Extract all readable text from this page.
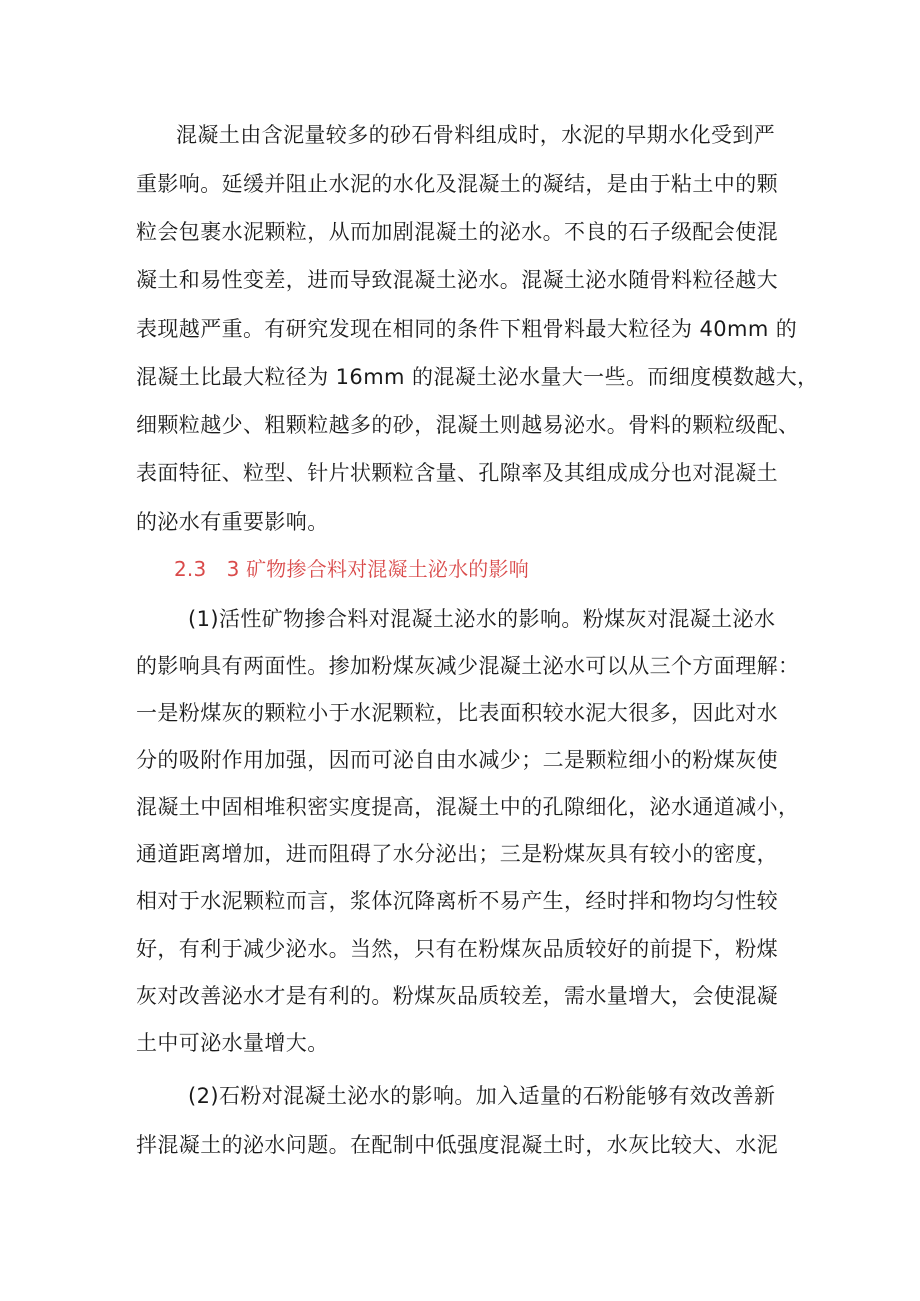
混凝土由含泥量较多的砂石骨料组成时，水泥的早期水化受到严

重影响。延缓并阻止水泥的水化及混凝土的凝结，是由于粘土中的颗

粒会包裹水泥颗粒，从而加剧混凝土的泌水。不良的石子级配会使混

凝土和易性变差，进而导致混凝土泌水。混凝土泌水随骨料粒径越大

表现越严重。有研究发现在相同的条件下粗骨料最大粒径为 40mm 的

混凝土比最大粒径为 16mm 的混凝土泌水量大一些。而细度模数越大，

细颗粒越少、粗颗粒越多的砂，混凝土则越易泌水。骨料的颗粒级配、

表面特征、粒型、针片状颗粒含量、孔隙率及其组成成分也对混凝土

的泌水有重要影响。

2.3　3 矿物掺合料对混凝土泌水的影响

(1)活性矿物掺合料对混凝土泌水的影响。粉煤灰对混凝土泌水

的影响具有两面性。掺加粉煤灰减少混凝土泌水可以从三个方面理解：

一是粉煤灰的颗粒小于水泥颗粒，比表面积较水泥大很多，因此对水

分的吸附作用加强，因而可泌自由水减少；二是颗粒细小的粉煤灰使

混凝土中固相堆积密实度提高，混凝土中的孔隙细化，泌水通道减小，

通道距离增加，进而阻碍了水分泌出；三是粉煤灰具有较小的密度，

相对于水泥颗粒而言，浆体沉降离析不易产生，经时拌和物均匀性较

好，有利于减少泌水。当然，只有在粉煤灰品质较好的前提下，粉煤

灰对改善泌水才是有利的。粉煤灰品质较差，需水量增大，会使混凝

土中可泌水量增大。

(2)石粉对混凝土泌水的影响。加入适量的石粉能够有效改善新

拌混凝土的泌水问题。在配制中低强度混凝土时，水灰比较大、水泥
